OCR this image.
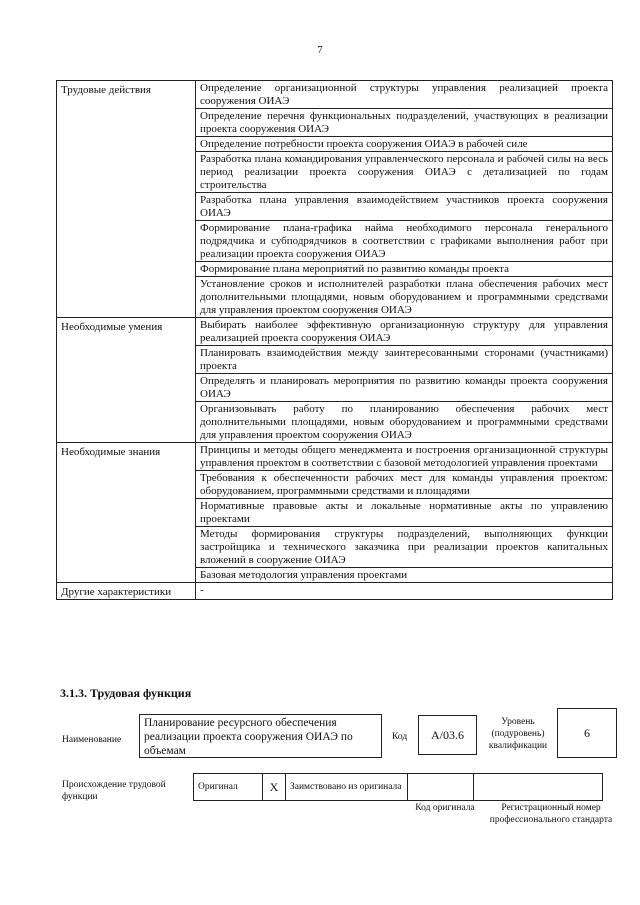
7
Трудовые действия	Определение организационной структуры управления реализацией проекта сооружения ОИАЭ
	Определение перечня функциональных подразделений, участвующих в реализации проекта сооружения ОИАЭ
	Определение потребности проекта сооружения ОИАЭ в рабочей силе
	Разработка плана командирования управленческого персонала и рабочей силы на весь период реализации проекта сооружения ОИАЭ с детализацией по годам строительства
	Разработка плана управления взаимодействием участников проекта сооружения ОИАЭ
	Формирование плана-графика найма необходимого персонала генерального подрядчика и субподрядчиков в соответствии с графиками выполнения работ при реализации проекта сооружения ОИАЭ
	Формирование плана мероприятий по развитию команды проекта
	Установление сроков и исполнителей разработки плана обеспечения рабочих мест дополнительными площадями, новым оборудованием и программными средствами для управления проектом сооружения ОИАЭ
Необходимые умения	Выбирать наиболее эффективную организационную структуру для управления реализацией проекта сооружения ОИАЭ
	Планировать взаимодействия между заинтересованными сторонами (участниками) проекта
	Определять и планировать мероприятия по развитию команды проекта сооружения ОИАЭ
	Организовывать работу по планированию обеспечения рабочих мест дополнительными площадями, новым оборудованием и программными средствами для управления проектом сооружения ОИАЭ
Необходимые знания	Принципы и методы общего менеджмента и построения организационной структуры управления проектом в соответствии с базовой методологией управления проектами
	Требования к обеспеченности рабочих мест для команды управления проектом: оборудованием, программными средствами и площадями
	Нормативные правовые акты и локальные нормативные акты по управлению проектами
	Методы формирования структуры подразделений, выполняющих функции застройщика и технического заказчика при реализации проектов капитальных вложений в сооружение ОИАЭ
	Базовая методология управления проектами
Другие характеристики	-
3.1.3. Трудовая функция
Наименование
Планирование ресурсного обеспечения реализации проекта сооружения ОИАЭ по объемам
Код	А/03.6
Уровень (подуровень) квалификации
6
Происхождение трудовой функции
Оригинал	X	Заимствовано из оригинала		
Код оригинала	Регистрационный номер профессионального стандарта
